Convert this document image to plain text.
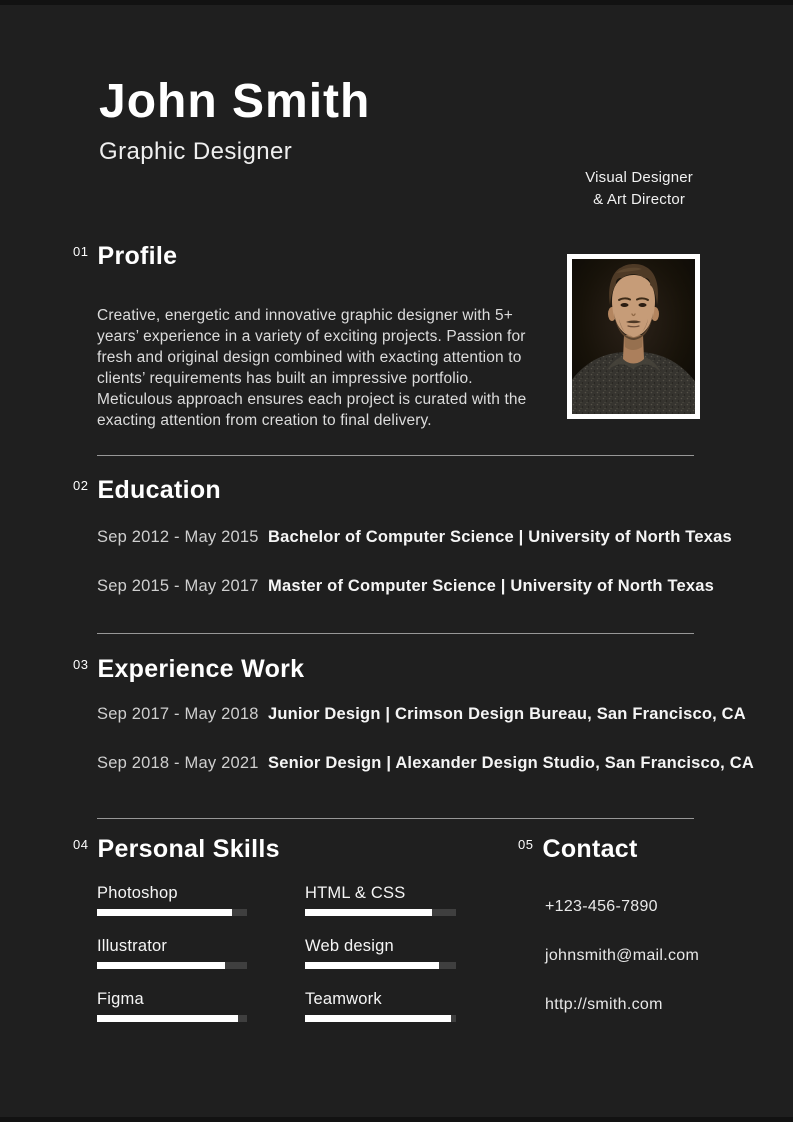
John Smith
Graphic Designer
Visual Designer
& Art Director
01 Profile

Creative, energetic and innovative graphic designer with 5+ years’ experience in a variety of exciting projects. Passion for fresh and original design combined with exacting attention to clients’ requirements has built an impressive portfolio. Meticulous approach ensures each project is curated with the exacting attention from creation to final delivery.

02 Education
Sep 2012 - May 2015 Bachelor of Computer Science | University of North Texas
Sep 2015 - May 2017 Master of Computer Science | University of North Texas
03 Experience Work
Sep 2017 - May 2018 Junior Design | Crimson Design Bureau, San Francisco, CA
Sep 2018 - May 2021 Senior Design | Alexander Design Studio, San Francisco, CA
04 Personal Skills
Photoshop	HTML & CSS
Illustrator	Web design
Figma	Teamwork
05 Contact
+123-456-7890
johnsmith@mail.com
http://smith.com
